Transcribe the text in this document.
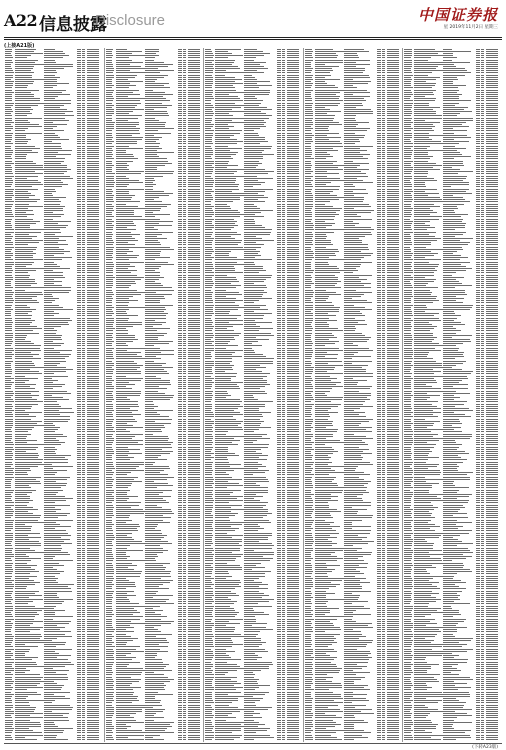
A22 信息披露
Disclosure	中国证券报
星 2019年11月2日 星期三
(上接A21版)
(下转A23版)
